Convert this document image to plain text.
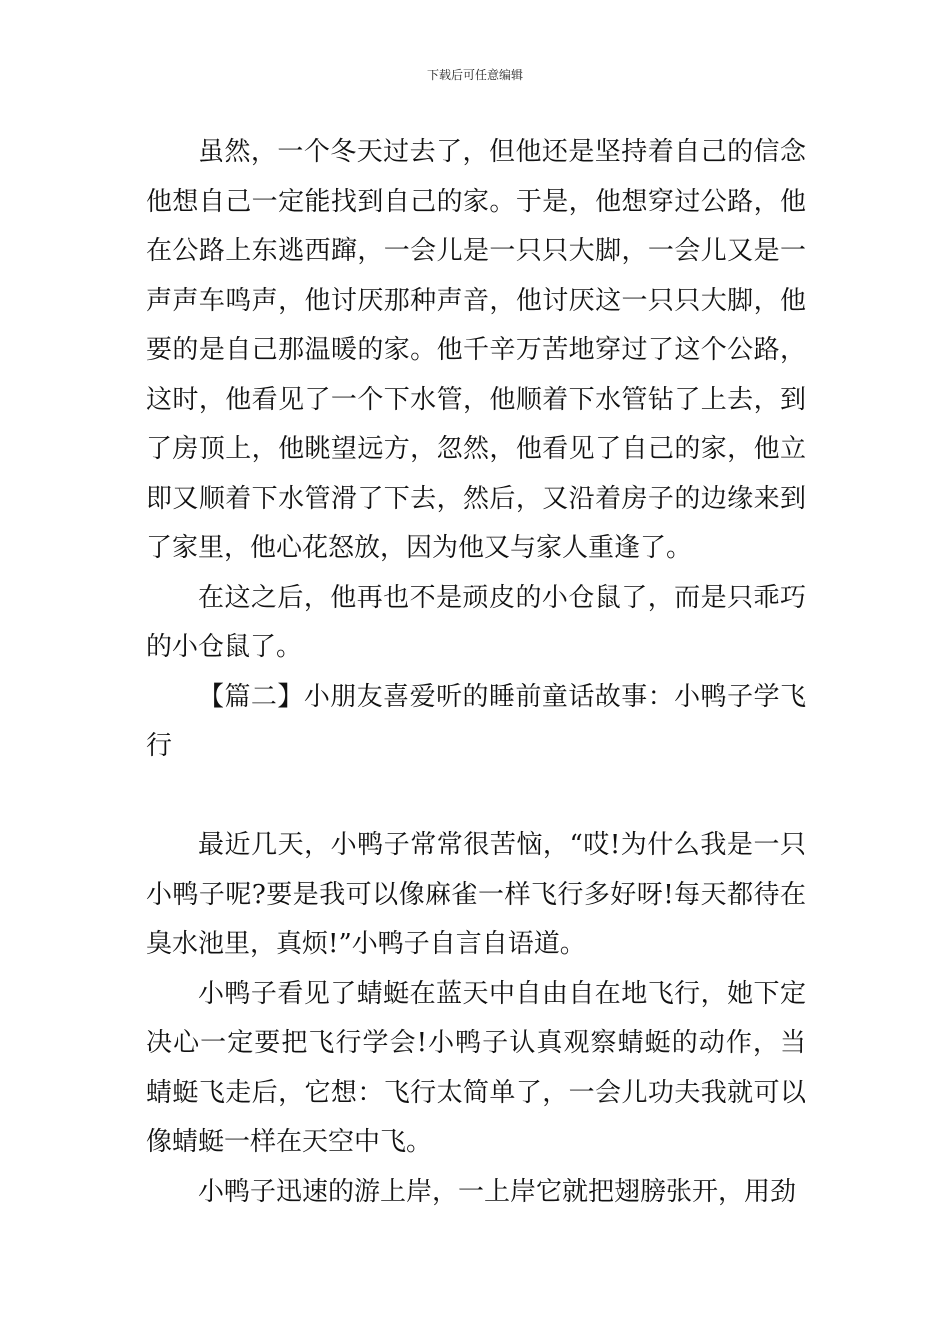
下载后可任意编辑

虽然，一个冬天过去了，但他还是坚持着自己的信念他想自己一定能找到自己的家。于是，他想穿过公路，他在公路上东逃西蹿，一会儿是一只只大脚，一会儿又是一声声车鸣声，他讨厌那种声音，他讨厌这一只只大脚，他要的是自己那温暖的家。他千辛万苦地穿过了这个公路，这时，他看见了一个下水管，他顺着下水管钻了上去，到了房顶上，他眺望远方，忽然，他看见了自己的家，他立即又顺着下水管滑了下去，然后，又沿着房子的边缘来到了家里，他心花怒放，因为他又与家人重逢了。

在这之后，他再也不是顽皮的小仓鼠了，而是只乖巧的小仓鼠了。

【篇二】小朋友喜爱听的睡前童话故事：小鸭子学飞行

最近几天，小鸭子常常很苦恼，“哎!为什么我是一只小鸭子呢?要是我可以像麻雀一样飞行多好呀!每天都待在臭水池里，真烦!”小鸭子自言自语道。

小鸭子看见了蜻蜓在蓝天中自由自在地飞行，她下定决心一定要把飞行学会!小鸭子认真观察蜻蜓的动作，当蜻蜓飞走后，它想：飞行太简单了，一会儿功夫我就可以像蜻蜓一样在天空中飞。

小鸭子迅速的游上岸，一上岸它就把翅膀张开，用劲
